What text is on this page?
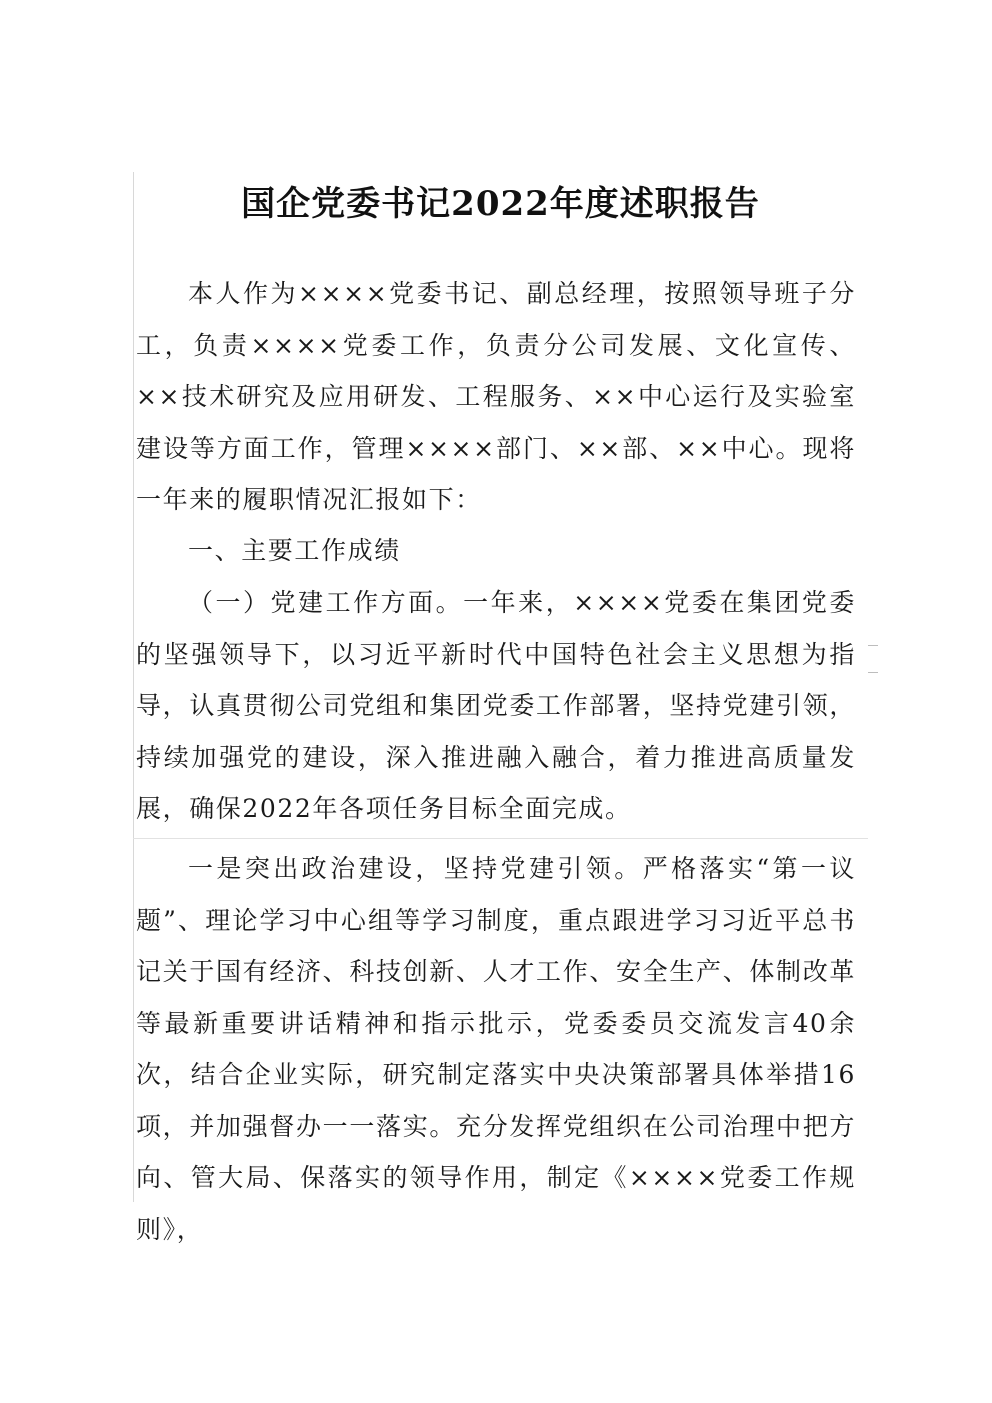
国企党委书记2022年度述职报告

本人作为××××党委书记、副总经理，按照领导班子分工，负责××××党委工作，负责分公司发展、文化宣传、××技术研究及应用研发、工程服务、××中心运行及实验室建设等方面工作，管理××××部门、××部、××中心。现将一年来的履职情况汇报如下：

一、主要工作成绩

（一）党建工作方面。一年来，××××党委在集团党委的坚强领导下，以习近平新时代中国特色社会主义思想为指导，认真贯彻公司党组和集团党委工作部署，坚持党建引领，持续加强党的建设，深入推进融入融合，着力推进高质量发展，确保2022年各项任务目标全面完成。

一是突出政治建设，坚持党建引领。严格落实“第一议题”、理论学习中心组等学习制度，重点跟进学习习近平总书记关于国有经济、科技创新、人才工作、安全生产、体制改革等最新重要讲话精神和指示批示，党委委员交流发言40余次，结合企业实际，研究制定落实中央决策部署具体举措16项，并加强督办一一落实。充分发挥党组织在公司治理中把方向、管大局、保落实的领导作用，制定《××××党委工作规则》，
